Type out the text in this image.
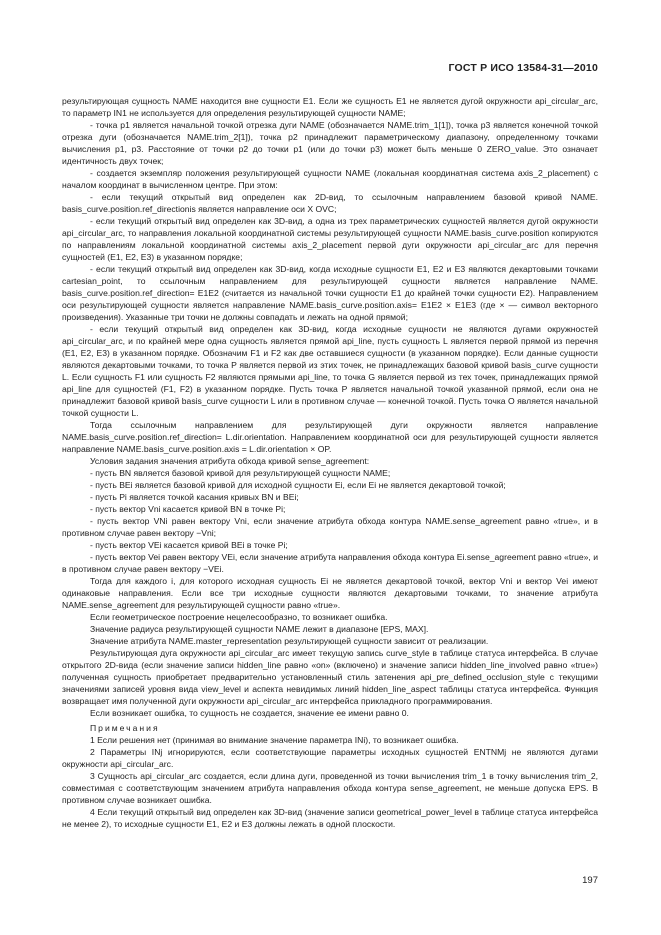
ГОСТ Р ИСО 13584-31—2010

результирующая сущность NAME находится вне сущности E1. Если же сущность E1 не является дугой окружности api_circular_arc, то параметр IN1 не используется для определения результирующей сущности NAME;

- точка p1 является начальной точкой отрезка дуги NAME (обозначается NAME.trim_1[1]), точка p3 является конечной точкой отрезка дуги (обозначается NAME.trim_2[1]), точка p2 принадлежит параметрическому диапазону, определенному точками вычисления p1, p3. Расстояние от точки p2 до точки p1 (или до точки p3) может быть меньше 0 ZERO_value. Это означает идентичность двух точек;

- создается экземпляр положения результирующей сущности NAME (локальная координатная система axis_2_placement) с началом координат в вычисленном центре. При этом:

- если текущий открытый вид определен как 2D-вид, то ссылочным направлением базовой кривой NAME. basis_curve.position.ref_directionis является направление оси X OVC;

- если текущий открытый вид определен как 3D-вид, а одна из трех параметрических сущностей является дугой окружности api_circular_arc, то направления локальной координатной системы результирующей сущности NAME.basis_curve.position копируются по направлениям локальной координатной системы axis_2_placement первой дуги окружности api_circular_arc для перечня сущностей (E1, E2, E3) в указанном порядке;

- если текущий открытый вид определен как 3D-вид, когда исходные сущности E1, E2 и E3 являются декартовыми точками cartesian_point, то ссылочным направлением для результирующей сущности является направление NAME. basis_curve.position.ref_direction= E1E2 (считается из начальной точки сущности E1 до крайней точки сущности E2). Направлением оси результирующей сущности является направление NAME.basis_curve.position.axis= E1E2 × E1E3 (где × — символ векторного произведения). Указанные три точки не должны совпадать и лежать на одной прямой;

- если текущий открытый вид определен как 3D-вид, когда исходные сущности не являются дугами окружностей api_circular_arc, и по крайней мере одна сущность является прямой api_line, пусть сущность L является первой прямой из перечня (E1, E2, E3) в указанном порядке. Обозначим F1 и F2 как две оставшиеся сущности (в указанном порядке). Если данные сущности являются декартовыми точками, то точка P является первой из этих точек, не принадлежащих базовой кривой basis_curve сущности L. Если сущность F1 или сущность F2 являются прямыми api_line, то точка G является первой из тех точек, принадлежащих прямой api_line для сущностей (F1, F2) в указанном порядке. Пусть точка P является начальной точкой указанной прямой, если она не принадлежит базовой кривой basis_curve сущности L или в противном случае — конечной точкой. Пусть точка O является начальной точкой сущности L.

Тогда ссылочным направлением для результирующей дуги окружности является направление NAME.basis_curve.position.ref_direction= L.dir.orientation. Направлением координатной оси для результирующей сущности является направление NAME.basis_curve.position.axis = L.dir.orientation × OP.

Условия задания значения атрибута обхода кривой sense_agreement:

- пусть BN является базовой кривой для результирующей сущности NAME;

- пусть BEi является базовой кривой для исходной сущности Ei, если Ei не является декартовой точкой;

- пусть Pi является точкой касания кривых BN и BEi;

- пусть вектор Vni касается кривой BN в точке Pi;

- пусть вектор VNi равен вектору Vni, если значение атрибута обхода контура NAME.sense_agreement равно «true», и в противном случае равен вектору −Vni;

- пусть вектор VEi касается кривой BEi в точке Pi;

- пусть вектор Vei равен вектору VEi, если значение атрибута направления обхода контура Ei.sense_agreement равно «true», и в противном случае равен вектору −VEi.

Тогда для каждого i, для которого исходная сущность Ei не является декартовой точкой, вектор Vni и вектор Vei имеют одинаковые направления. Если все три исходные сущности являются декартовыми точками, то значение атрибута NAME.sense_agreement для результирующей сущности равно «true».

Если геометрическое построение нецелесообразно, то возникает ошибка.

Значение радиуса результирующей сущности NAME лежит в диапазоне [EPS, MAX].

Значение атрибута NAME.master_representation результирующей сущности зависит от реализации.

Результирующая дуга окружности api_circular_arc имеет текущую запись curve_style в таблице статуса интерфейса. В случае открытого 2D-вида (если значение записи hidden_line равно «on» (включено) и значение записи hidden_line_involved равно «true») полученная сущность приобретает предварительно установленный стиль затенения api_pre_defined_occlusion_style с текущими значениями записей уровня вида view_level и аспекта невидимых линий hidden_line_aspect таблицы статуса интерфейса. Функция возвращает имя полученной дуги окружности api_circular_arc интерфейса прикладного программирования.

Если возникает ошибка, то сущность не создается, значение ее имени равно 0.

Примечания

1 Если решения нет (принимая во внимание значение параметра INi), то возникает ошибка.

2 Параметры INj игнорируются, если соответствующие параметры исходных сущностей ENTNMj не являются дугами окружности api_circular_arc.

3 Сущность api_circular_arc создается, если длина дуги, проведенной из точки вычисления trim_1 в точку вычисления trim_2, совместимая с соответствующим значением атрибута направления обхода контура sense_agreement, не меньше допуска EPS. В противном случае возникает ошибка.

4 Если текущий открытый вид определен как 3D-вид (значение записи geometrical_power_level в таблице статуса интерфейса не менее 2), то исходные сущности E1, E2 и E3 должны лежать в одной плоскости.

197
